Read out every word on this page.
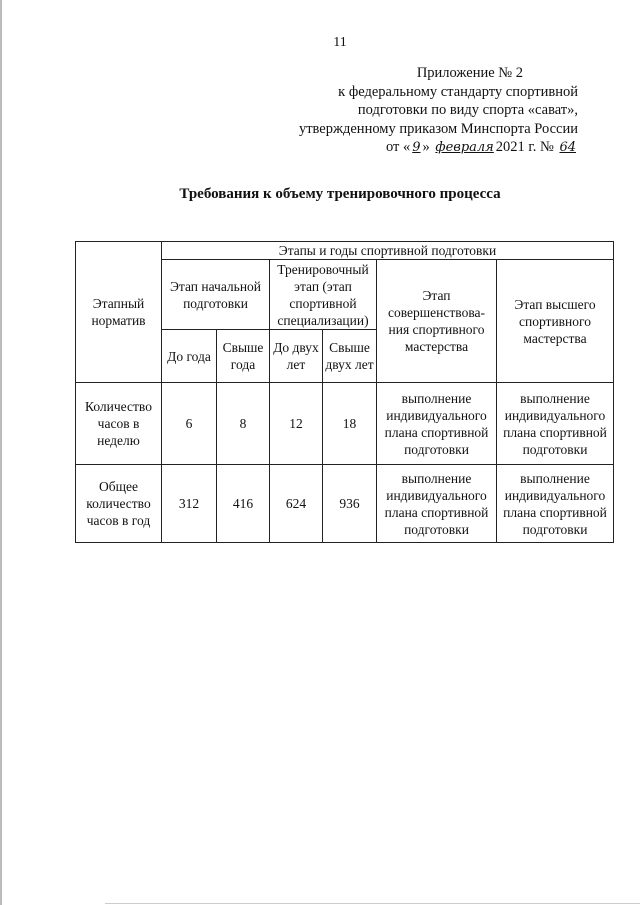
11
Приложение № 2
к федеральному стандарту спортивной
подготовки по виду спорта «сават»,
утвержденному приказом Минспорта России
от « 9 » февраля 2021 г. № 64
Требования к объему тренировочного процесса
Этапный норматив	Этапы и годы спортивной подготовки					
	Этап начальной подготовки		Тренировочный этап (этап спортивной специализации)		Этап совершенствова-ния спортивного мастерства	Этап высшего спортивного мастерства
	До года	Свыше года	До двух лет	Свыше двух лет		
Количество часов в неделю	6	8	12	18	выполнение индивидуального плана спортивной подготовки	выполнение индивидуального плана спортивной подготовки
Общее количество часов в год	312	416	624	936	выполнение индивидуального плана спортивной подготовки	выполнение индивидуального плана спортивной подготовки
